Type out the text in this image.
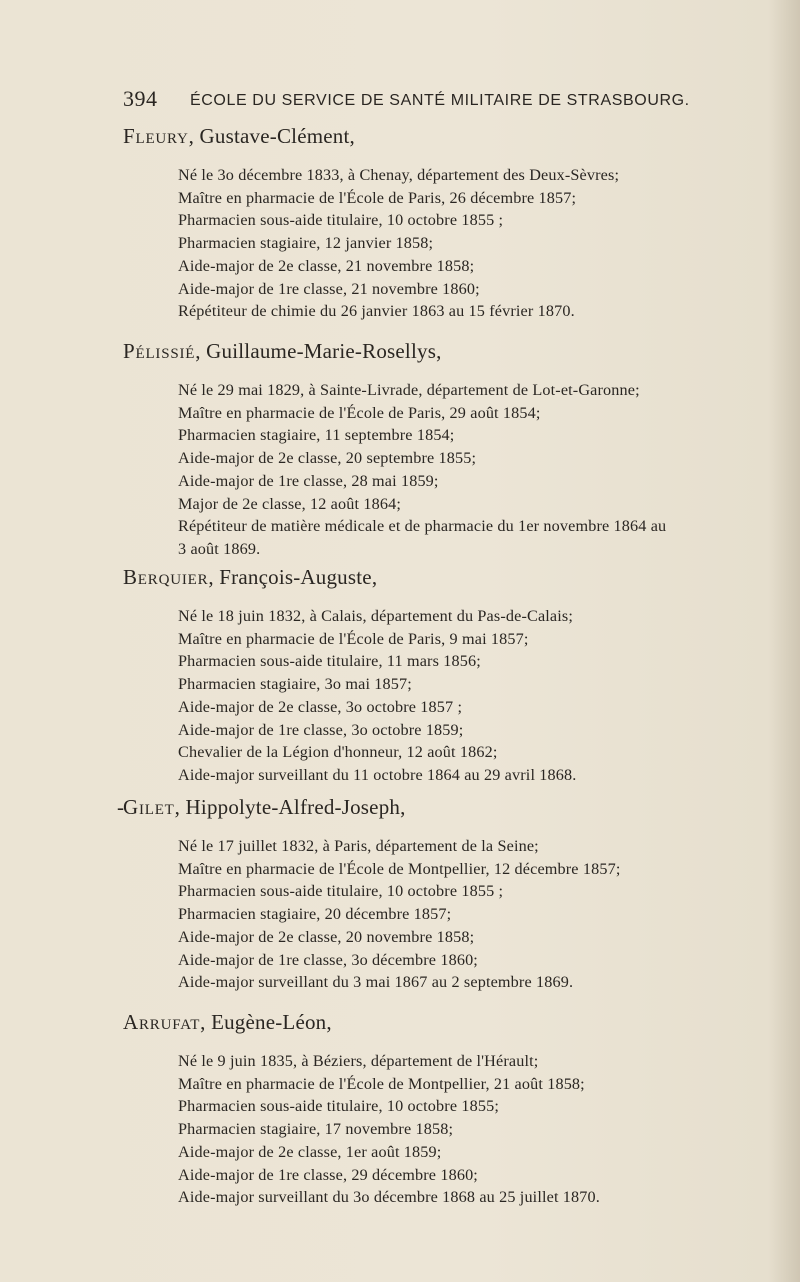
394 ÉCOLE DU SERVICE DE SANTÉ MILITAIRE DE STRASBOURG.
Fleury, Gustave-Clément,
Né le 3o décembre 1833, à Chenay, département des Deux-Sèvres;
Maître en pharmacie de l'École de Paris, 26 décembre 1857;
Pharmacien sous-aide titulaire, 10 octobre 1855 ;
Pharmacien stagiaire, 12 janvier 1858;
Aide-major de 2e classe, 21 novembre 1858;
Aide-major de 1re classe, 21 novembre 1860;
Répétiteur de chimie du 26 janvier 1863 au 15 février 1870.
Pélissié, Guillaume-Marie-Rosellys,
Né le 29 mai 1829, à Sainte-Livrade, département de Lot-et-Garonne;
Maître en pharmacie de l'École de Paris, 29 août 1854;
Pharmacien stagiaire, 11 septembre 1854;
Aide-major de 2e classe, 20 septembre 1855;
Aide-major de 1re classe, 28 mai 1859;
Major de 2e classe, 12 août 1864;
Répétiteur de matière médicale et de pharmacie du 1er novembre 1864 au
3 août 1869.
Berquier, François-Auguste,
Né le 18 juin 1832, à Calais, département du Pas-de-Calais;
Maître en pharmacie de l'École de Paris, 9 mai 1857;
Pharmacien sous-aide titulaire, 11 mars 1856;
Pharmacien stagiaire, 3o mai 1857;
Aide-major de 2e classe, 3o octobre 1857 ;
Aide-major de 1re classe, 3o octobre 1859;
Chevalier de la Légion d'honneur, 12 août 1862;
Aide-major surveillant du 11 octobre 1864 au 29 avril 1868.
- Gilet, Hippolyte-Alfred-Joseph,
Né le 17 juillet 1832, à Paris, département de la Seine;
Maître en pharmacie de l'École de Montpellier, 12 décembre 1857;
Pharmacien sous-aide titulaire, 10 octobre 1855 ;
Pharmacien stagiaire, 20 décembre 1857;
Aide-major de 2e classe, 20 novembre 1858;
Aide-major de 1re classe, 3o décembre 1860;
Aide-major surveillant du 3 mai 1867 au 2 septembre 1869.
Arrufat, Eugène-Léon,
Né le 9 juin 1835, à Béziers, département de l'Hérault;
Maître en pharmacie de l'École de Montpellier, 21 août 1858;
Pharmacien sous-aide titulaire, 10 octobre 1855;
Pharmacien stagiaire, 17 novembre 1858;
Aide-major de 2e classe, 1er août 1859;
Aide-major de 1re classe, 29 décembre 1860;
Aide-major surveillant du 3o décembre 1868 au 25 juillet 1870.
